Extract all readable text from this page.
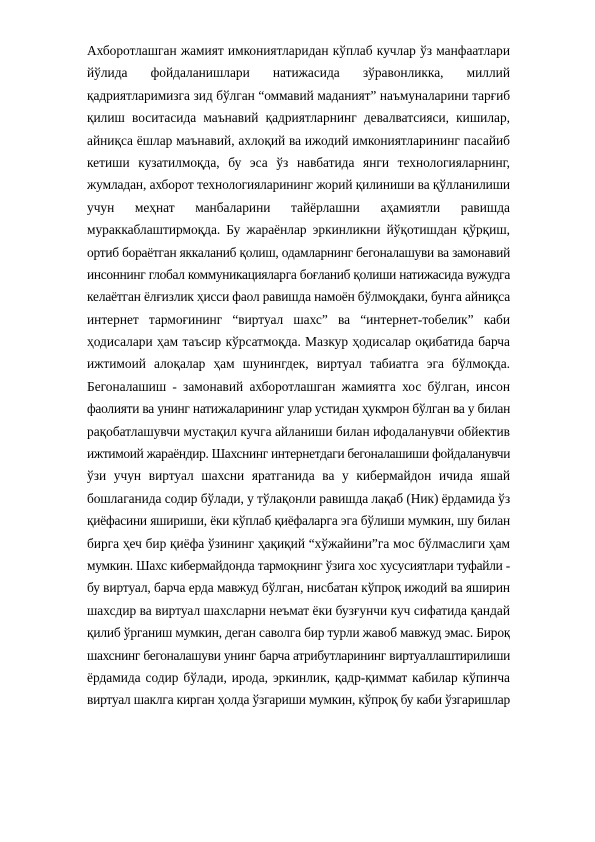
Ахборотлашган жамият имкониятларидан кўплаб кучлар ўз манфаатлари
йўлида фойдаланишлари натижасида зўравонликка, миллий
қадриятларимизга зид бўлган “оммавий маданият” наъмуналарини тарғиб
қилиш воситасида маънавий қадриятларнинг девалватсияси, кишилар,
айниқса ёшлар маънавий, ахлоқий ва ижодий имкониятларининг пасайиб
кетиши кузатилмоқда, бу эса ўз навбатида янги технологияларнинг,
жумладан, ахборот технологияларининг жорий қилиниши ва қўлланилиши
учун меҳнат манбаларини тайёрлашни аҳамиятли равишда
мураккаблаштирмоқда. Бу жараёнлар эркинликни йўқотишдан қўрқиш,
ортиб бораётган яккаланиб қолиш, одамларнинг бегоналашуви ва замонавий
инсоннинг глобал коммуникацияларга боғланиб қолиши натижасида вужудга
келаётган ёлғизлик ҳисси фаол равишда намоён бўлмоқдаки, бунга айниқса
интернет тармоғининг “виртуал шахс” ва “интернет-тобелик” каби
ҳодисалари ҳам таъсир кўрсатмоқда. Мазкур ҳодисалар оқибатида барча
ижтимоий алоқалар ҳам шунингдек, виртуал табиатга эга бўлмоқда.
Бегоналашиш - замонавий ахборотлашган жамиятга хос бўлган, инсон
фаолияти ва унинг натижаларининг улар устидан ҳукмрон бўлган ва у билан
рақобатлашувчи мустақил кучга айланиши билан ифодаланувчи обйектив
ижтимоий жараёндир. Шахснинг интернетдаги бегоналашиши фойдаланувчи
ўзи учун виртуал шахсни яратганида ва у кибермайдон ичида яшай
бошлаганида содир бўлади, у тўлақонли равишда лақаб (Ник) ёрдамида ўз
қиёфасини яшириши, ёки кўплаб қиёфаларга эга бўлиши мумкин, шу билан
бирга ҳеч бир қиёфа ўзининг ҳақиқий “хўжайини”га мос бўлмаслиги ҳам
мумкин. Шахс кибермайдонда тармоқнинг ўзига хос хусусиятлари туфайли -
бу виртуал, барча ерда мавжуд бўлган, нисбатан кўпроқ ижодий ва яширин
шахсдир ва виртуал шахсларни неъмат ёки бузғунчи куч сифатида қандай
қилиб ўрганиш мумкин, деган саволга бир турли жавоб мавжуд эмас. Бироқ
шахснинг бегоналашуви унинг барча атрибутларининг виртуаллаштирилиши
ёрдамида содир бўлади, ирода, эркинлик, қадр-қиммат кабилар кўпинча
виртуал шаклга кирган ҳолда ўзгариши мумкин, кўпроқ бу каби ўзгаришлар
